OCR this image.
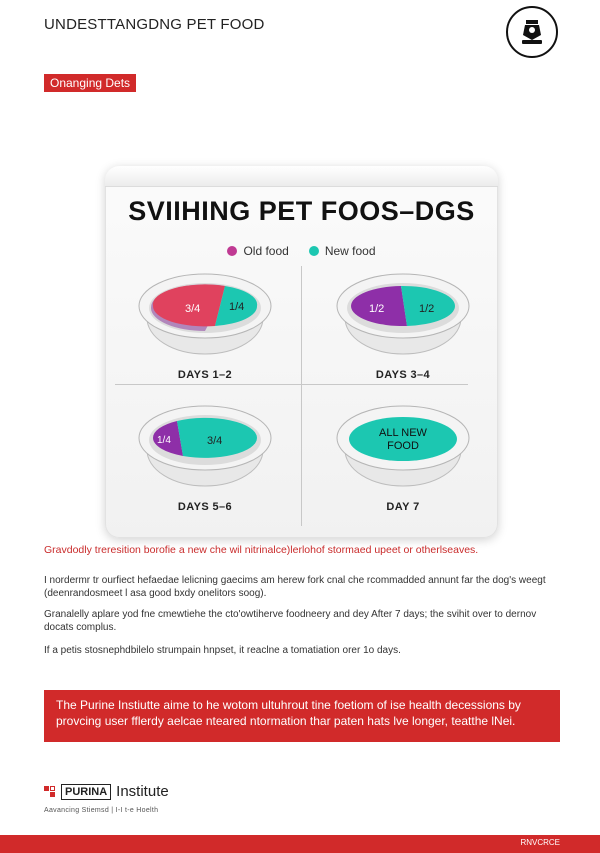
UNDESTTANGDNG PET FOOD
Onanging Dets
SVIIHING PET FOOS–DGS
Old food	New food
3/4	1/4
DAYS 1–2
1/2	1/2
DAYS 3–4
1/4	3/4
DAYS 5–6
ALL NEW
FOOD
DAY 7
Gravdodly treresition borofie a new che wil nitrinalce)lerlohof stormaed upeet or otherlseaves.
I nordermr tr ourfiect hefaedae lelicning gaecims am herew fork cnal che rcommadded annunt far the dog's weegt (deenrandosmeet l asa good bxdy onelitors soog).
Granalelly aplare yod fne cmewtiehe the cto'owtiherve foodneery and dey After 7 days; the svihit over to dernov docats complus.
If a petis stosnephdbilelo strumpain hnpset, it reaclne a tomatiation orer 1o days.
The Purine Instiutte aime to he wotom ultuhrout tine foetiom of ise health decessions by provcing user fflerdy aelcae nteared ntormation thar paten hats lve longer, teatthe lNei.
PURINA Institute
Aavancing Stiemsd | I-I t-e Hoelth
RNVCRCE
